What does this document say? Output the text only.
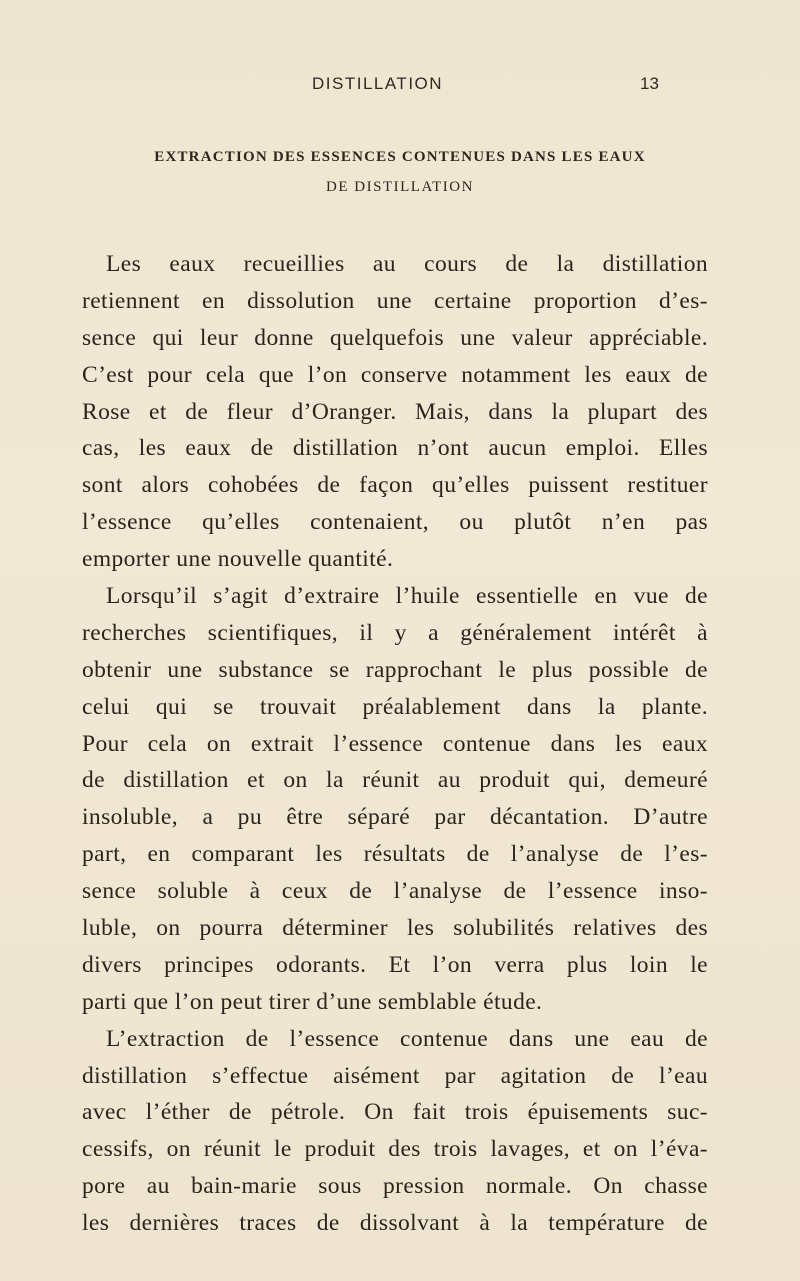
DISTILLATION	13
EXTRACTION DES ESSENCES CONTENUES DANS LES EAUX
DE DISTILLATION
Les eaux recueillies au cours de la distillation
retiennent en dissolution une certaine proportion d’es-
sence qui leur donne quelquefois une valeur appréciable.
C’est pour cela que l’on conserve notamment les eaux de
Rose et de fleur d’Oranger. Mais, dans la plupart des
cas, les eaux de distillation n’ont aucun emploi. Elles
sont alors cohobées de façon qu’elles puissent restituer
l’essence qu’elles contenaient, ou plutôt n’en pas
emporter une nouvelle quantité.
Lorsqu’il s’agit d’extraire l’huile essentielle en vue de
recherches scientifiques, il y a généralement intérêt à
obtenir une substance se rapprochant le plus possible de
celui qui se trouvait préalablement dans la plante.
Pour cela on extrait l’essence contenue dans les eaux
de distillation et on la réunit au produit qui, demeuré
insoluble, a pu être séparé par décantation. D’autre
part, en comparant les résultats de l’analyse de l’es-
sence soluble à ceux de l’analyse de l’essence inso-
luble, on pourra déterminer les solubilités relatives des
divers principes odorants. Et l’on verra plus loin le
parti que l’on peut tirer d’une semblable étude.
L’extraction de l’essence contenue dans une eau de
distillation s’effectue aisément par agitation de l’eau
avec l’éther de pétrole. On fait trois épuisements suc-
cessifs, on réunit le produit des trois lavages, et on l’éva-
pore au bain-marie sous pression normale. On chasse
les dernières traces de dissolvant à la température de
